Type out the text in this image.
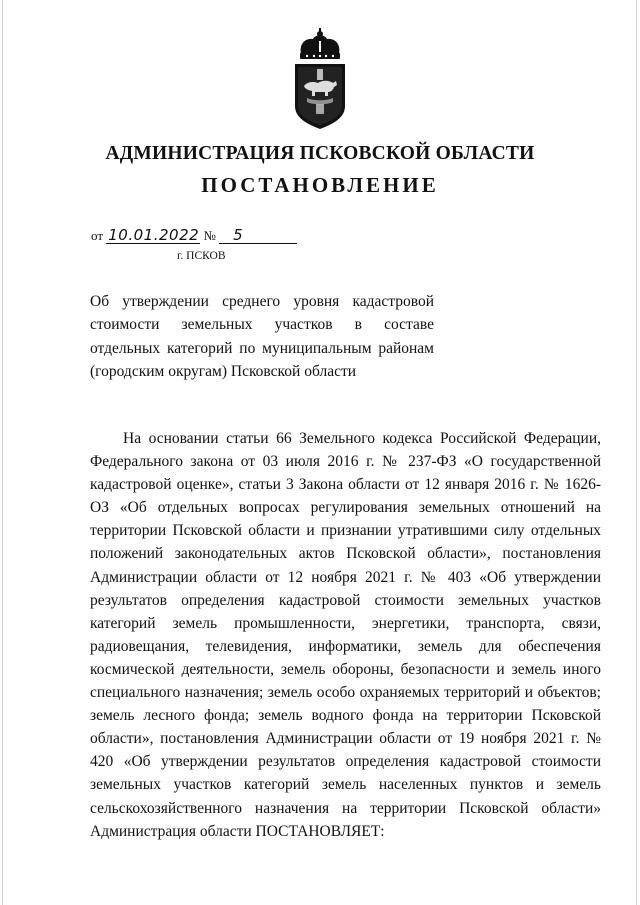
АДМИНИСТРАЦИЯ ПСКОВСКОЙ ОБЛАСТИ
ПОСТАНОВЛЕНИЕ
от 10.01.2022 № 5
г. ПСКОВ
Об утверждении среднего уровня кадастровой стоимости земельных участков в составе отдельных категорий по муниципальным районам (городским округам) Псковской области
На основании статьи 66 Земельного кодекса Российской Федерации, Федерального закона от 03 июля 2016 г. № 237-ФЗ «О государственной кадастровой оценке», статьи 3 Закона области от 12 января 2016 г. № 1626-ОЗ «Об отдельных вопросах регулирования земельных отношений на территории Псковской области и признании утратившими силу отдельных положений законодательных актов Псковской области», постановления Администрации области от 12 ноября 2021 г. № 403 «Об утверждении результатов определения кадастровой стоимости земельных участков категорий земель промышленности, энергетики, транспорта, связи, радиовещания, телевидения, информатики, земель для обеспечения космической деятельности, земель обороны, безопасности и земель иного специального назначения; земель особо охраняемых территорий и объектов; земель лесного фонда; земель водного фонда на территории Псковской области», постановления Администрации области от 19 ноября 2021 г. № 420 «Об утверждении результатов определения кадастровой стоимости земельных участков категорий земель населенных пунктов и земель сельскохозяйственного назначения на территории Псковской области» Администрация области ПОСТАНОВЛЯЕТ:
